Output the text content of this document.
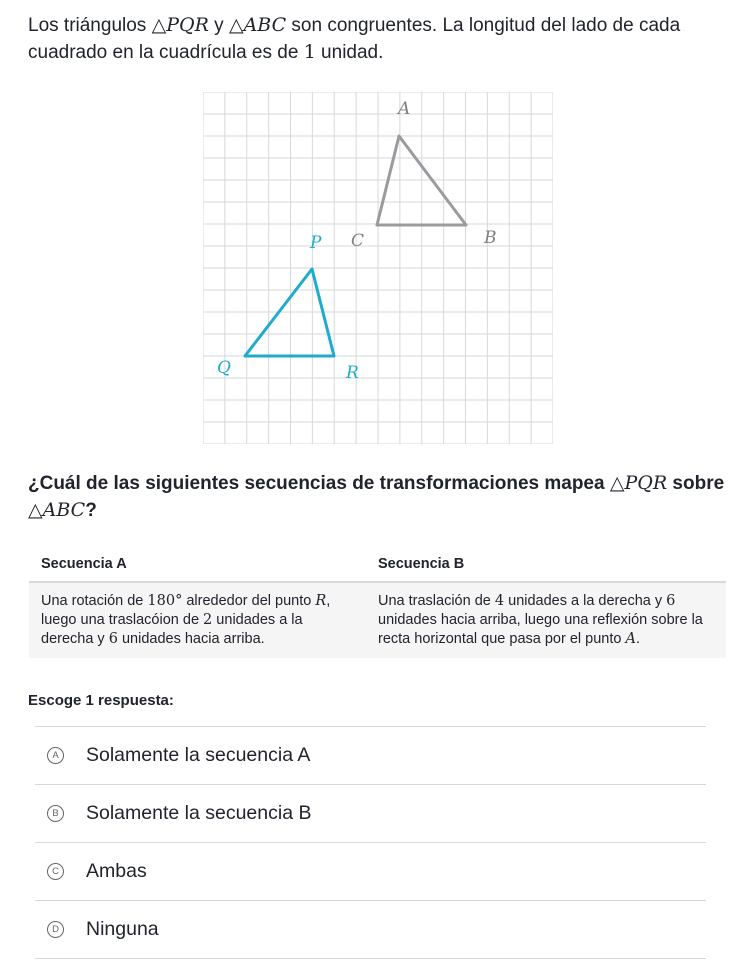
Los triángulos △PQR y △ABC son congruentes. La longitud del lado de cada cuadrado en la cuadrícula es de 1 unidad.

A
B
C
P
Q	R

¿Cuál de las siguientes secuencias de transformaciones mapea △PQR sobre △ABC?

Secuencia A	Secuencia B
Una rotación de 180° alrededor del punto R, luego una traslacóion de 2 unidades a la derecha y 6 unidades hacia arriba.	Una traslación de 4 unidades a la derecha y 6 unidades hacia arriba, luego una reflexión sobre la recta horizontal que pasa por el punto A.

Escoge 1 respuesta:

A Solamente la secuencia A
B Solamente la secuencia B
C Ambas
D Ninguna
